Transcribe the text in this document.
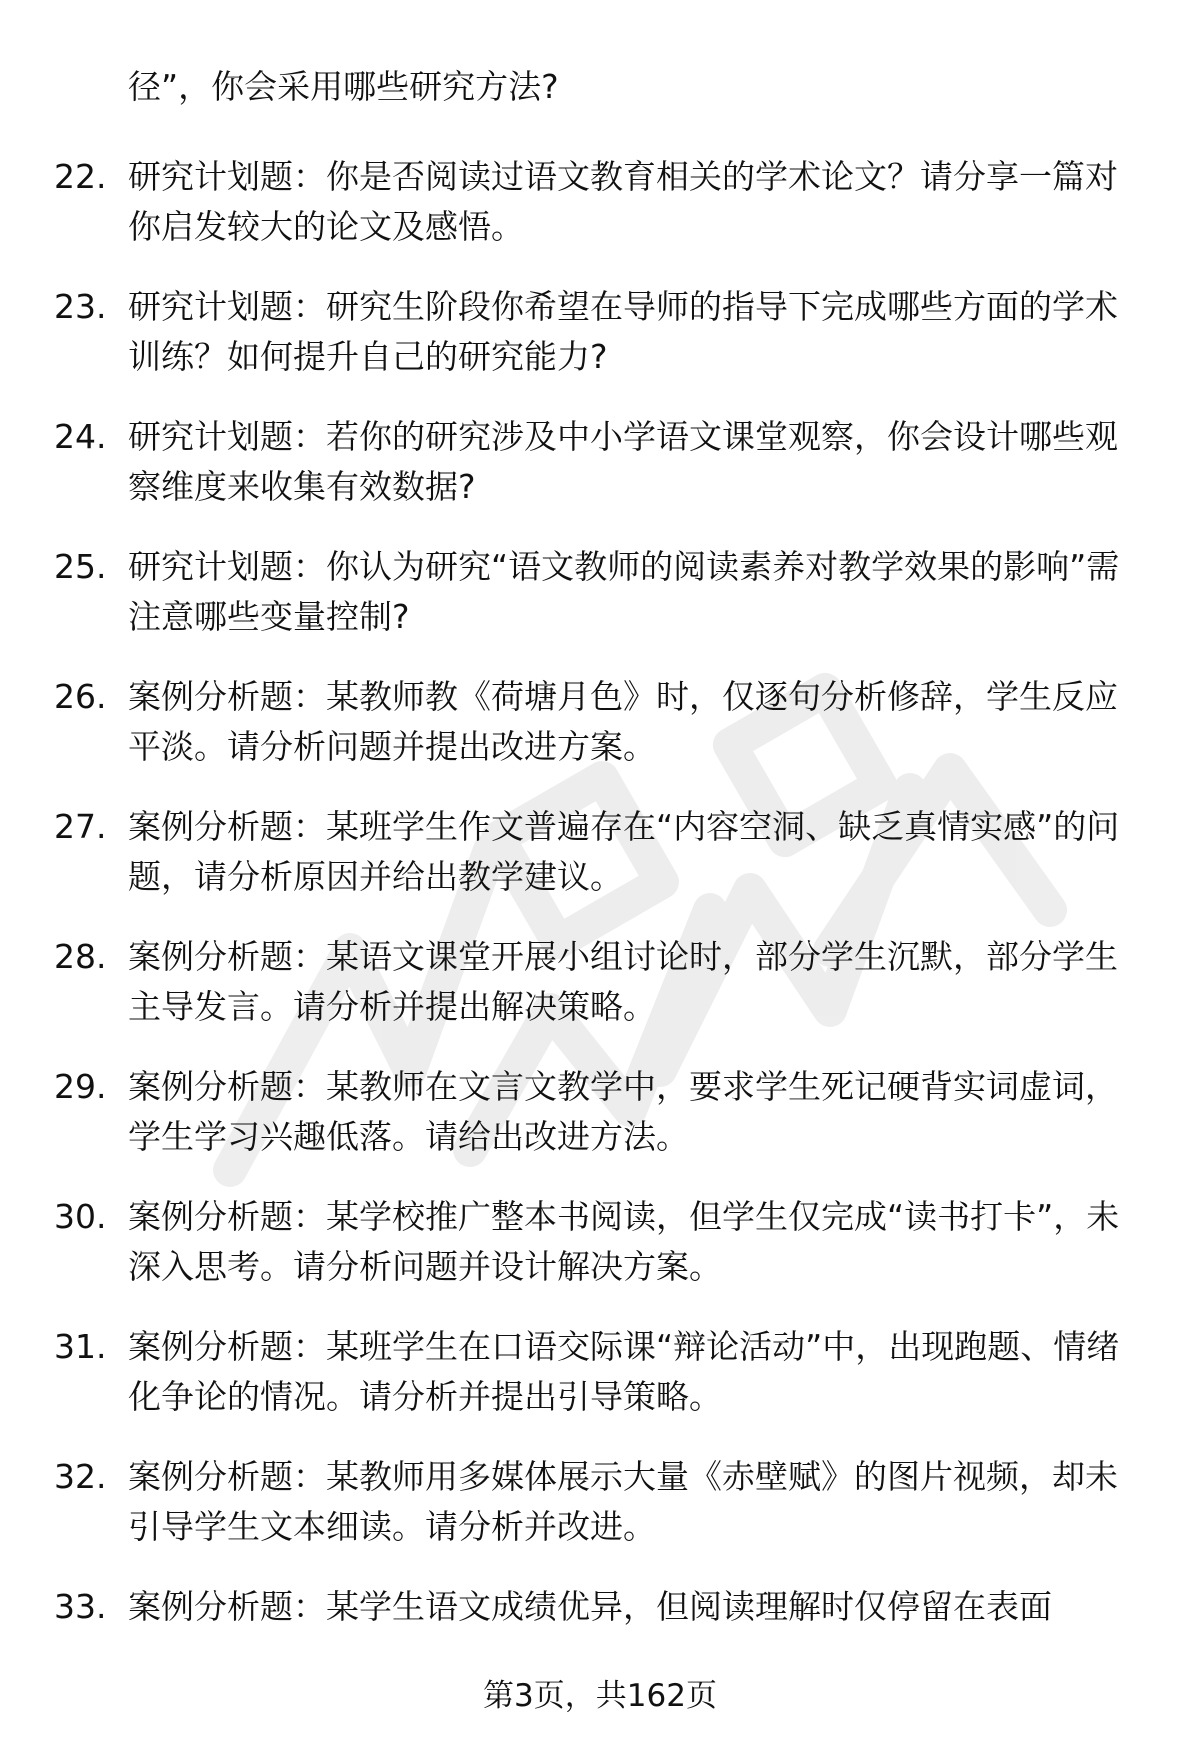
径”，你会采用哪些研究方法?

22. 研究计划题：你是否阅读过语文教育相关的学术论文？请分享一篇对你启发较大的论文及感悟。

23. 研究计划题：研究生阶段你希望在导师的指导下完成哪些方面的学术训练？如何提升自己的研究能力?

24. 研究计划题：若你的研究涉及中小学语文课堂观察，你会设计哪些观察维度来收集有效数据?

25. 研究计划题：你认为研究“语文教师的阅读素养对教学效果的影响”需注意哪些变量控制?

26. 案例分析题：某教师教《荷塘月色》时，仅逐句分析修辞，学生反应平淡。请分析问题并提出改进方案。

27. 案例分析题：某班学生作文普遍存在“内容空洞、缺乏真情实感”的问题，请分析原因并给出教学建议。

28. 案例分析题：某语文课堂开展小组讨论时，部分学生沉默，部分学生主导发言。请分析并提出解决策略。

29. 案例分析题：某教师在文言文教学中，要求学生死记硬背实词虚词，学生学习兴趣低落。请给出改进方法。

30. 案例分析题：某学校推广整本书阅读，但学生仅完成“读书打卡”，未深入思考。请分析问题并设计解决方案。

31. 案例分析题：某班学生在口语交际课“辩论活动”中，出现跑题、情绪化争论的情况。请分析并提出引导策略。

32. 案例分析题：某教师用多媒体展示大量《赤壁赋》的图片视频，却未引导学生文本细读。请分析并改进。

33. 案例分析题：某学生语文成绩优异，但阅读理解时仅停留在表面

第3页，共162页
